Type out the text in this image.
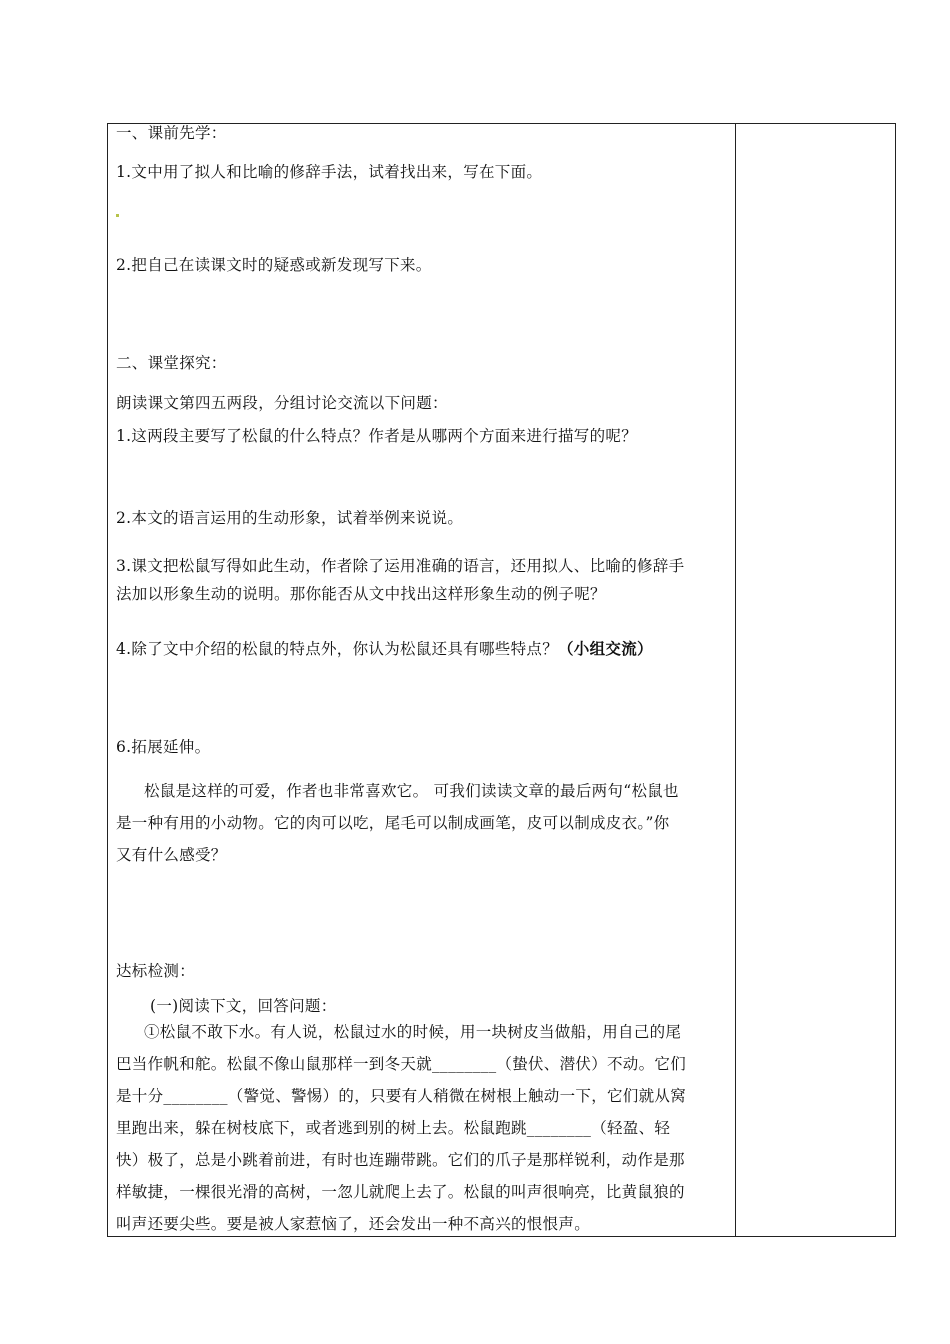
一、课前先学：
1.文中用了拟人和比喻的修辞手法，试着找出来，写在下面。
2.把自己在读课文时的疑惑或新发现写下来。
二、课堂探究：
朗读课文第四五两段，分组讨论交流以下问题：
1.这两段主要写了松鼠的什么特点？作者是从哪两个方面来进行描写的呢？
2.本文的语言运用的生动形象，试着举例来说说。
3.课文把松鼠写得如此生动，作者除了运用准确的语言，还用拟人、比喻的修辞手
法加以形象生动的说明。那你能否从文中找出这样形象生动的例子呢？
4.除了文中介绍的松鼠的特点外，你认为松鼠还具有哪些特点？（小组交流）
6.拓展延伸。
松鼠是这样的可爱，作者也非常喜欢它。 可我们读读文章的最后两句“松鼠也
是一种有用的小动物。它的肉可以吃，尾毛可以制成画笔，皮可以制成皮衣。”你
又有什么感受？
达标检测：
(一)阅读下文，回答问题：
①松鼠不敢下水。有人说，松鼠过水的时候，用一块树皮当做船，用自己的尾
巴当作帆和舵。松鼠不像山鼠那样一到冬天就________（蛰伏、潜伏）不动。它们
是十分________（警觉、警惕）的，只要有人稍微在树根上触动一下，它们就从窝
里跑出来，躲在树枝底下，或者逃到别的树上去。松鼠跑跳________（轻盈、轻
快）极了，总是小跳着前进，有时也连蹦带跳。它们的爪子是那样锐利，动作是那
样敏捷，一棵很光滑的高树，一忽儿就爬上去了。松鼠的叫声很响亮，比黄鼠狼的
叫声还要尖些。要是被人家惹恼了，还会发出一种不高兴的恨恨声。
